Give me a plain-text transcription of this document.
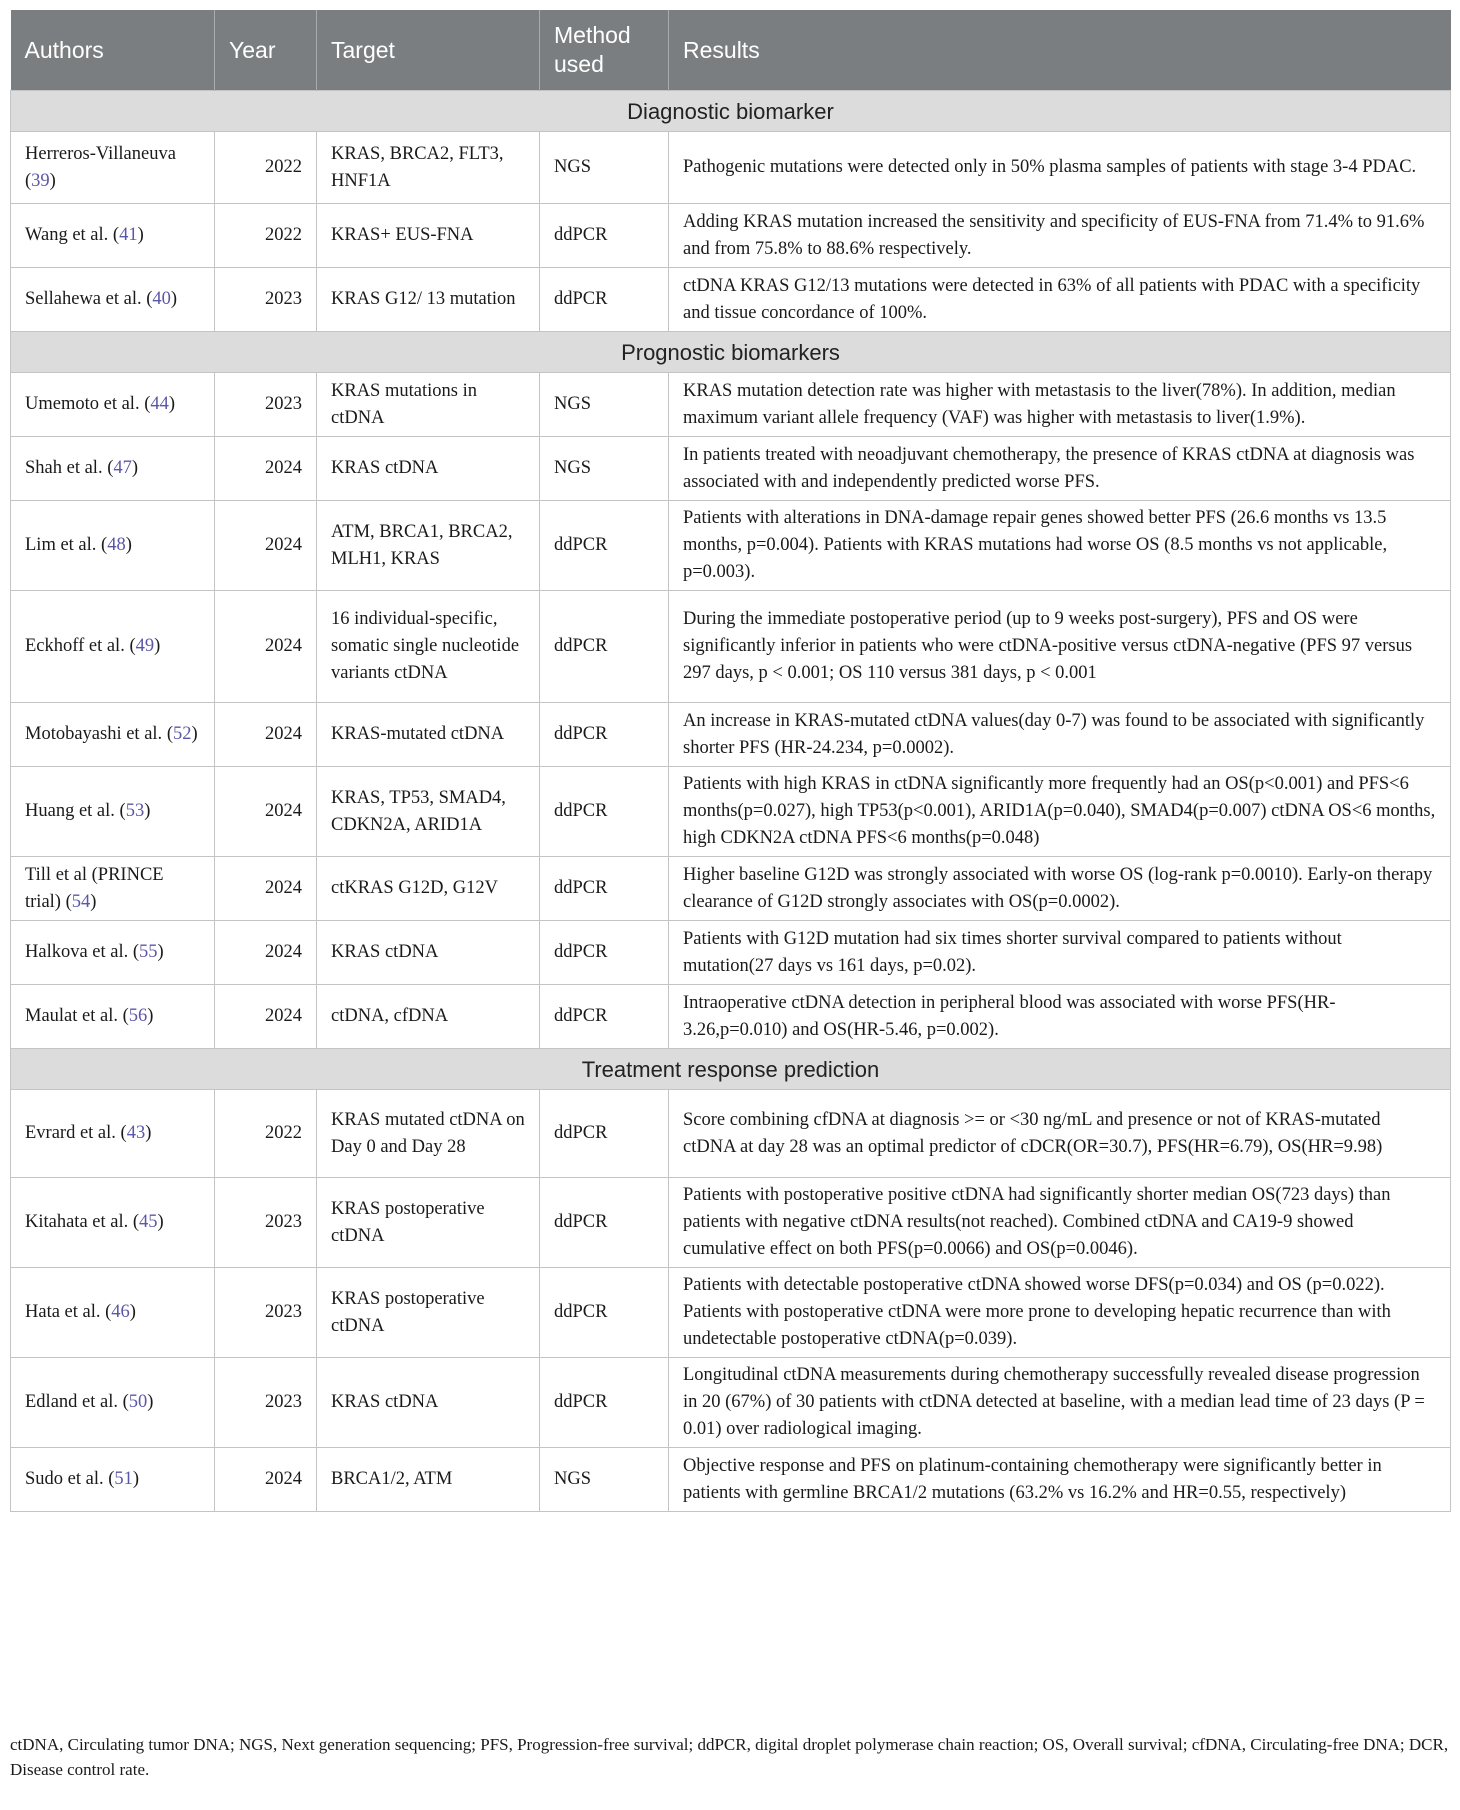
Authors	Year	Target	Method used	Results
Diagnostic biomarker				
Herreros-Villaneuva (39)	2022	KRAS, BRCA2, FLT3, HNF1A	NGS	Pathogenic mutations were detected only in 50% plasma samples of patients with stage 3-4 PDAC.
Wang et al. (41)	2022	KRAS+ EUS-FNA	ddPCR	Adding KRAS mutation increased the sensitivity and specificity of EUS-FNA from 71.4% to 91.6% and from 75.8% to 88.6% respectively.
Sellahewa et al. (40)	2023	KRAS G12/ 13 mutation	ddPCR	ctDNA KRAS G12/13 mutations were detected in 63% of all patients with PDAC with a specificity and tissue concordance of 100%.
Prognostic biomarkers				
Umemoto et al. (44)	2023	KRAS mutations in ctDNA	NGS	KRAS mutation detection rate was higher with metastasis to the liver(78%). In addition, median maximum variant allele frequency (VAF) was higher with metastasis to liver(1.9%).
Shah et al. (47)	2024	KRAS ctDNA	NGS	In patients treated with neoadjuvant chemotherapy, the presence of KRAS ctDNA at diagnosis was associated with and independently predicted worse PFS.
Lim et al. (48)	2024	ATM, BRCA1, BRCA2, MLH1, KRAS	ddPCR	Patients with alterations in DNA-damage repair genes showed better PFS (26.6 months vs 13.5 months, p=0.004). Patients with KRAS mutations had worse OS (8.5 months vs not applicable, p=0.003).
Eckhoff et al. (49)	2024	16 individual-specific, somatic single nucleotide variants ctDNA	ddPCR	During the immediate postoperative period (up to 9 weeks post-surgery), PFS and OS were significantly inferior in patients who were ctDNA-positive versus ctDNA-negative (PFS 97 versus 297 days, p < 0.001; OS 110 versus 381 days, p < 0.001
Motobayashi et al. (52)	2024	KRAS-mutated ctDNA	ddPCR	An increase in KRAS-mutated ctDNA values(day 0-7) was found to be associated with significantly shorter PFS (HR-24.234, p=0.0002).
Huang et al. (53)	2024	KRAS, TP53, SMAD4, CDKN2A, ARID1A	ddPCR	Patients with high KRAS in ctDNA significantly more frequently had an OS(p<0.001) and PFS<6 months(p=0.027), high TP53(p<0.001), ARID1A(p=0.040), SMAD4(p=0.007) ctDNA OS<6 months, high CDKN2A ctDNA PFS<6 months(p=0.048)
Till et al (PRINCE trial) (54)	2024	ctKRAS G12D, G12V	ddPCR	Higher baseline G12D was strongly associated with worse OS (log-rank p=0.0010). Early-on therapy clearance of G12D strongly associates with OS(p=0.0002).
Halkova et al. (55)	2024	KRAS ctDNA	ddPCR	Patients with G12D mutation had six times shorter survival compared to patients without mutation(27 days vs 161 days, p=0.02).
Maulat et al. (56)	2024	ctDNA, cfDNA	ddPCR	Intraoperative ctDNA detection in peripheral blood was associated with worse PFS(HR-3.26,p=0.010) and OS(HR-5.46, p=0.002).
Treatment response prediction				
Evrard et al. (43)	2022	KRAS mutated ctDNA on Day 0 and Day 28	ddPCR	Score combining cfDNA at diagnosis >= or <30 ng/mL and presence or not of KRAS-mutated ctDNA at day 28 was an optimal predictor of cDCR(OR=30.7), PFS(HR=6.79), OS(HR=9.98)
Kitahata et al. (45)	2023	KRAS postoperative ctDNA	ddPCR	Patients with postoperative positive ctDNA had significantly shorter median OS(723 days) than patients with negative ctDNA results(not reached). Combined ctDNA and CA19-9 showed cumulative effect on both PFS(p=0.0066) and OS(p=0.0046).
Hata et al. (46)	2023	KRAS postoperative ctDNA	ddPCR	Patients with detectable postoperative ctDNA showed worse DFS(p=0.034) and OS (p=0.022). Patients with postoperative ctDNA were more prone to developing hepatic recurrence than with undetectable postoperative ctDNA(p=0.039).
Edland et al. (50)	2023	KRAS ctDNA	ddPCR	Longitudinal ctDNA measurements during chemotherapy successfully revealed disease progression in 20 (67%) of 30 patients with ctDNA detected at baseline, with a median lead time of 23 days (P = 0.01) over radiological imaging.
Sudo et al. (51)	2024	BRCA1/2, ATM	NGS	Objective response and PFS on platinum-containing chemotherapy were significantly better in patients with germline BRCA1/2 mutations (63.2% vs 16.2% and HR=0.55, respectively)
ctDNA, Circulating tumor DNA; NGS, Next generation sequencing; PFS, Progression-free survival; ddPCR, digital droplet polymerase chain reaction; OS, Overall survival; cfDNA, Circulating-free DNA; DCR, Disease control rate.
